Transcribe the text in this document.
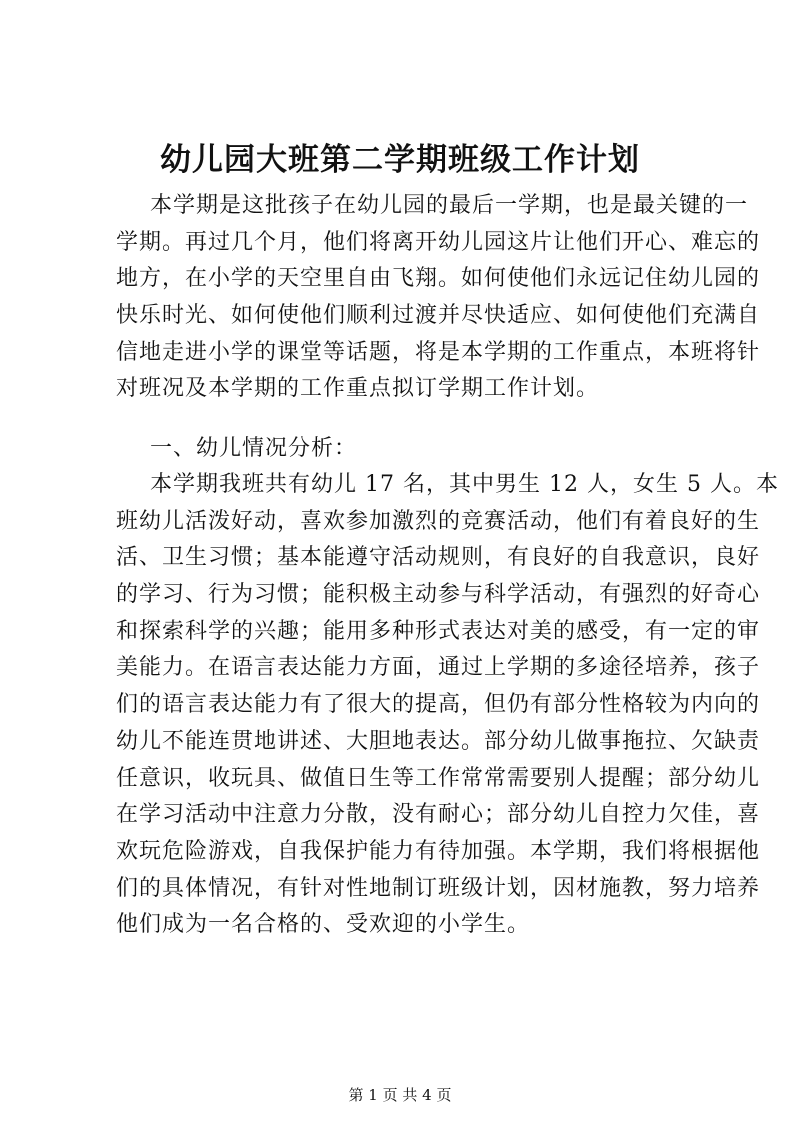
幼儿园大班第二学期班级工作计划
本学期是这批孩子在幼儿园的最后一学期，也是最关键的一
学期。再过几个月，他们将离开幼儿园这片让他们开心、难忘的
地方，在小学的天空里自由飞翔。如何使他们永远记住幼儿园的
快乐时光、如何使他们顺利过渡并尽快适应、如何使他们充满自
信地走进小学的课堂等话题，将是本学期的工作重点，本班将针
对班况及本学期的工作重点拟订学期工作计划。
一、幼儿情况分析：
本学期我班共有幼儿 17 名，其中男生 12 人，女生 5 人。本
班幼儿活泼好动，喜欢参加激烈的竞赛活动，他们有着良好的生
活、卫生习惯；基本能遵守活动规则，有良好的自我意识，良好
的学习、行为习惯；能积极主动参与科学活动，有强烈的好奇心
和探索科学的兴趣；能用多种形式表达对美的感受，有一定的审
美能力。在语言表达能力方面，通过上学期的多途径培养，孩子
们的语言表达能力有了很大的提高，但仍有部分性格较为内向的
幼儿不能连贯地讲述、大胆地表达。部分幼儿做事拖拉、欠缺责
任意识，收玩具、做值日生等工作常常需要别人提醒；部分幼儿
在学习活动中注意力分散，没有耐心；部分幼儿自控力欠佳，喜
欢玩危险游戏，自我保护能力有待加强。本学期，我们将根据他
们的具体情况，有针对性地制订班级计划，因材施教，努力培养
他们成为一名合格的、受欢迎的小学生。
第 1 页 共 4 页
